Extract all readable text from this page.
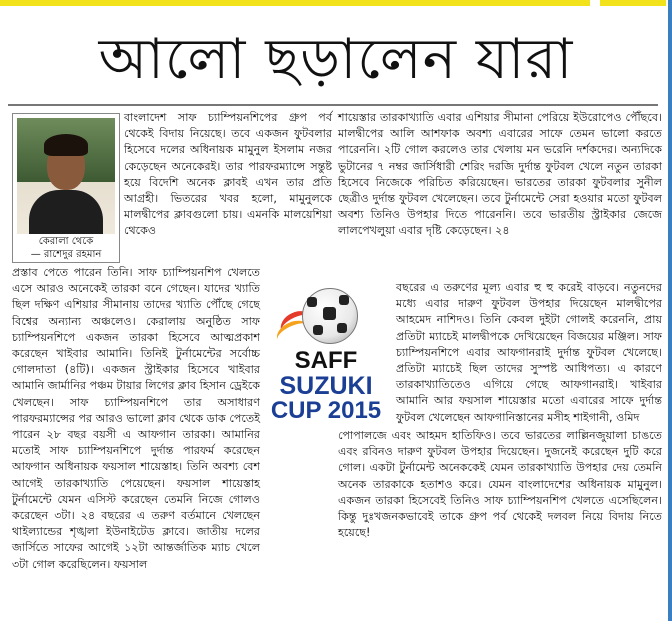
আলো ছড়ালেন যারা
কেরালা থেকে
— রাশেদুর রহমান

বাংলাদেশ সাফ চ্যাম্পিয়নশিপের গ্রুপ পর্ব থেকেই বিদায় নিয়েছে। তবে একজন ফুটবলার হিসেবে দলের অধিনায়ক মামুনুল ইসলাম নজর কেড়েছেন অনেকেরই। তার পারফরম্যান্সে সন্তুষ্ট হয়ে বিদেশি অনেক ক্লাবই এখন তার প্রতি আগ্রহী। ভিতরের খবর হলো, মামুনুলকে মালদ্বীপের ক্লাবগুলো চায়। এমনকি মালয়েশিয়া থেকেও

প্রস্তাব পেতে পারেন তিনি। সাফ চ্যাম্পিয়নশিপ খেলতে এসে আরও অনেকেই তারকা বনে গেছেন। যাদের খ্যাতি ছিল দক্ষিণ এশিয়ার সীমানায় তাদের খ্যাতি পৌঁছে গেছে বিশ্বের অন্যান্য অঞ্চলেও। কেরালায় অনুষ্ঠিত সাফ চ্যাম্পিয়নশিপে একজন তারকা হিসেবে আত্মপ্রকাশ করেছেন খাইবার আমানি। তিনিই টুর্নামেন্টের সর্বোচ্চ গোলদাতা (৪টি)। একজন স্ট্রাইকার হিসেবে খাইবার আমানি জার্মানির পঞ্চম টায়ার লিগের ক্লাব হিসান ড্রেইকে খেলছেন। সাফ চ্যাম্পিয়নশিপে তার অসাধারণ পারফরম্যান্সের পর আরও ভালো ক্লাব থেকে ডাক পেতেই পারেন ২৮ বছর বয়সী এ আফগান তারকা। আমানির মতোই সাফ চ্যাম্পিয়নশিপে দুর্দান্ত পারফর্ম করেছেন আফগান অধিনায়ক ফয়সাল শায়েস্তাহ। তিনি অবশ্য বেশ আগেই তারকাখ্যাতি পেয়েছেন। ফয়সাল শায়েস্তাহ টুর্নামেন্টে যেমন এসিস্ট করেছেন তেমনি নিজে গোলও করেছেন ৩টা। ২৪ বছরের এ তরুণ বর্তমানে খেলছেন থাইল্যান্ডের শৃঙ্খলা ইউনাইটেড ক্লাবে। জাতীয় দলের জার্সিতে সাফের আগেই ১২টা আন্তর্জাতিক ম্যাচ খেলে ৩টা গোল করেছিলেন। ফয়সাল

শায়েস্তার তারকাখ্যাতি এবার এশিয়ার সীমানা পেরিয়ে ইউরোপেও পৌঁছবে। মালদ্বীপের আলি আশফাক অবশ্য এবারের সাফে তেমন ভালো করতে পারেননি। ২টি গোল করলেও তার খেলায় মন ভরেনি দর্শকদের। অন্যদিকে ভুটানের ৭ নম্বর জার্সিধারী শেরিং দরজি দুর্দান্ত ফুটবল খেলে নতুন তারকা হিসেবে নিজেকে পরিচিত করিয়েছেন। ভারতের তারকা ফুটবলার সুনীল ছেত্রীও দুর্দান্ত ফুটবল খেলেছেন। তবে টুর্নামেন্টে সেরা হওয়ার মতো ফুটবল অবশ্য তিনিও উপহার দিতে পারেননি। তবে ভারতীয় স্ট্রাইকার জেজে লালপেখলুয়া এবার দৃষ্টি কেড়েছেন। ২৪

SAFF
SUZUKI
CUP 2015

বছরের এ তরুণের মূল্য এবার হু হু করেই বাড়বে। নতুনদের মধ্যে এবার দারুণ ফুটবল উপহার দিয়েছেন মালদ্বীপের আহমেদ নাশিদও। তিনি কেবল দুইটা গোলই করেননি, প্রায় প্রতিটা ম্যাচেই মালদ্বীপকে দেখিয়েছেন বিজয়ের মঞ্জিল। সাফ চ্যাম্পিয়নশিপে এবার আফগানরাই দুর্দান্ত ফুটবল খেলেছে। প্রতিটা ম্যাচেই ছিল তাদের সুস্পষ্ট আধিপত্য। এ কারণে তারকাখ্যাতিতেও এগিয়ে গেছে আফগানরাই। খাইবার আমানি আর ফয়সাল শায়েস্তার মতো এবারের সাফে দুর্দান্ত ফুটবল খেলেছেন আফগানিস্তানের মসীহ শাইগানী, ওমিদ

পোপালজে এবং আহমদ হাতিফিও। তবে ভারতের লাল্লিনজুয়ালা চাঙতে এবং রবিনও দারুণ ফুটবল উপহার দিয়েছেন। দুজনেই করেছেন দুটি করে গোল। একটা টুর্নামেন্ট অনেককেই যেমন তারকাখ্যাতি উপহার দেয় তেমনি অনেক তারকাকে হতাশও করে। যেমন বাংলাদেশের অধিনায়ক মামুনুল। একজন তারকা হিসেবেই তিনিও সাফ চ্যাম্পিয়নশিপ খেলতে এসেছিলেন। কিন্তু দুঃখজনকভাবেই তাকে গ্রুপ পর্ব থেকেই দলবল নিয়ে বিদায় নিতে হয়েছে!
